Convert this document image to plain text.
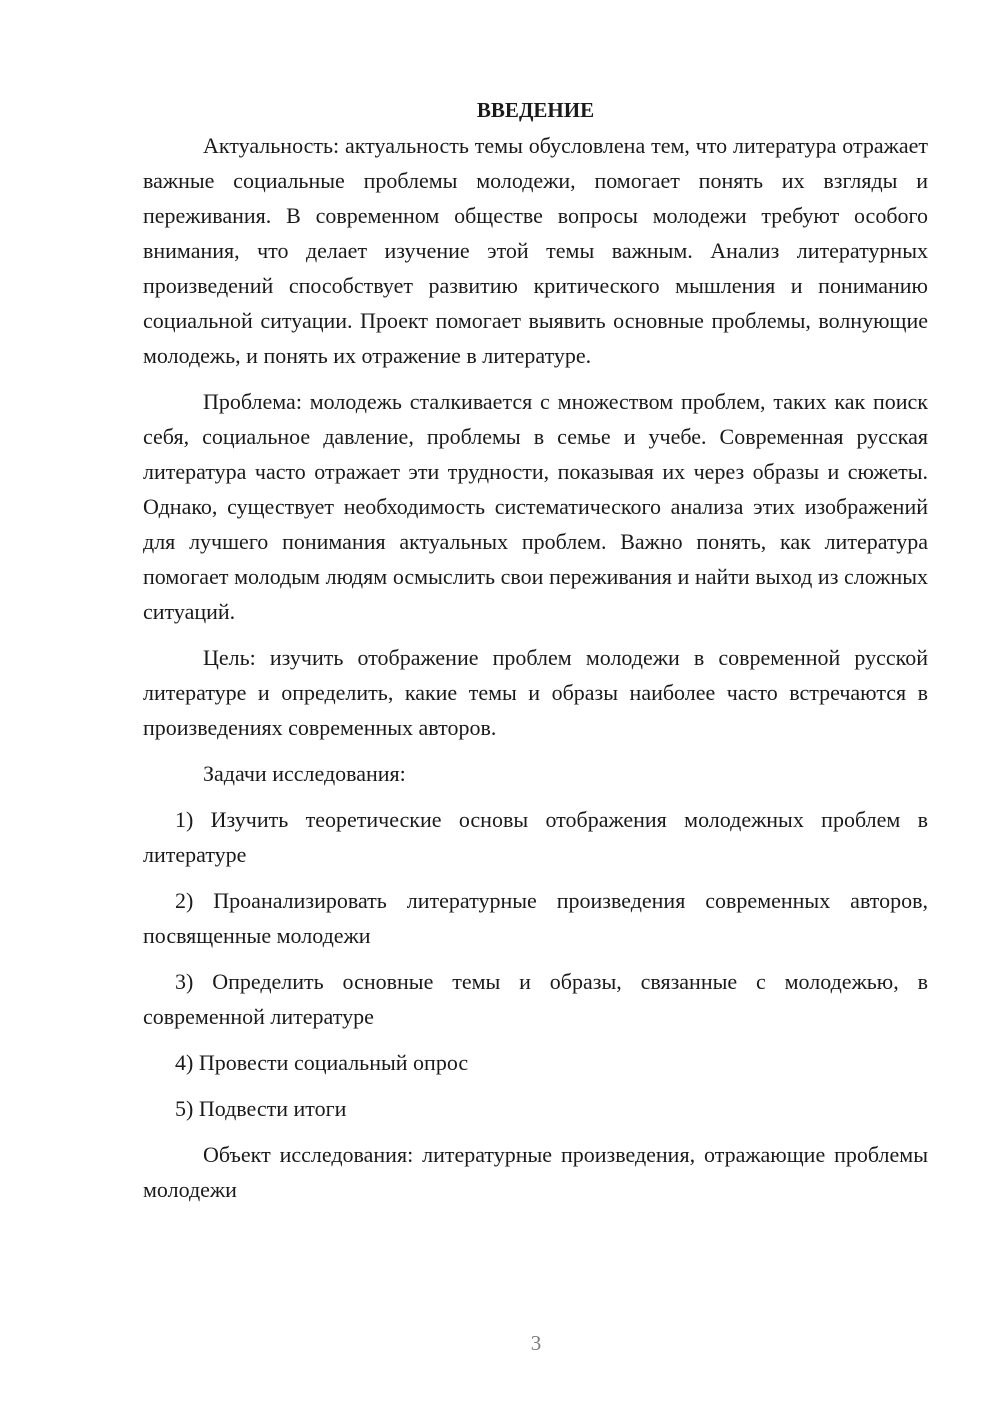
ВВЕДЕНИЕ

Актуальность: актуальность темы обусловлена тем, что литература отражает важные социальные проблемы молодежи, помогает понять их взгляды и переживания. В современном обществе вопросы молодежи требуют особого внимания, что делает изучение этой темы важным. Анализ литературных произведений способствует развитию критического мышления и пониманию социальной ситуации. Проект помогает выявить основные проблемы, волнующие молодежь, и понять их отражение в литературе.

Проблема: молодежь сталкивается с множеством проблем, таких как поиск себя, социальное давление, проблемы в семье и учебе. Современная русская литература часто отражает эти трудности, показывая их через образы и сюжеты. Однако, существует необходимость систематического анализа этих изображений для лучшего понимания актуальных проблем. Важно понять, как литература помогает молодым людям осмыслить свои переживания и найти выход из сложных ситуаций.

Цель: изучить отображение проблем молодежи в современной русской литературе и определить, какие темы и образы наиболее часто встречаются в произведениях современных авторов.

Задачи исследования:

1) Изучить теоретические основы отображения молодежных проблем в литературе

2) Проанализировать литературные произведения современных авторов, посвященные молодежи

3) Определить основные темы и образы, связанные с молодежью, в современной литературе

4) Провести социальный опрос

5) Подвести итоги

Объект исследования: литературные произведения, отражающие проблемы молодежи

3
